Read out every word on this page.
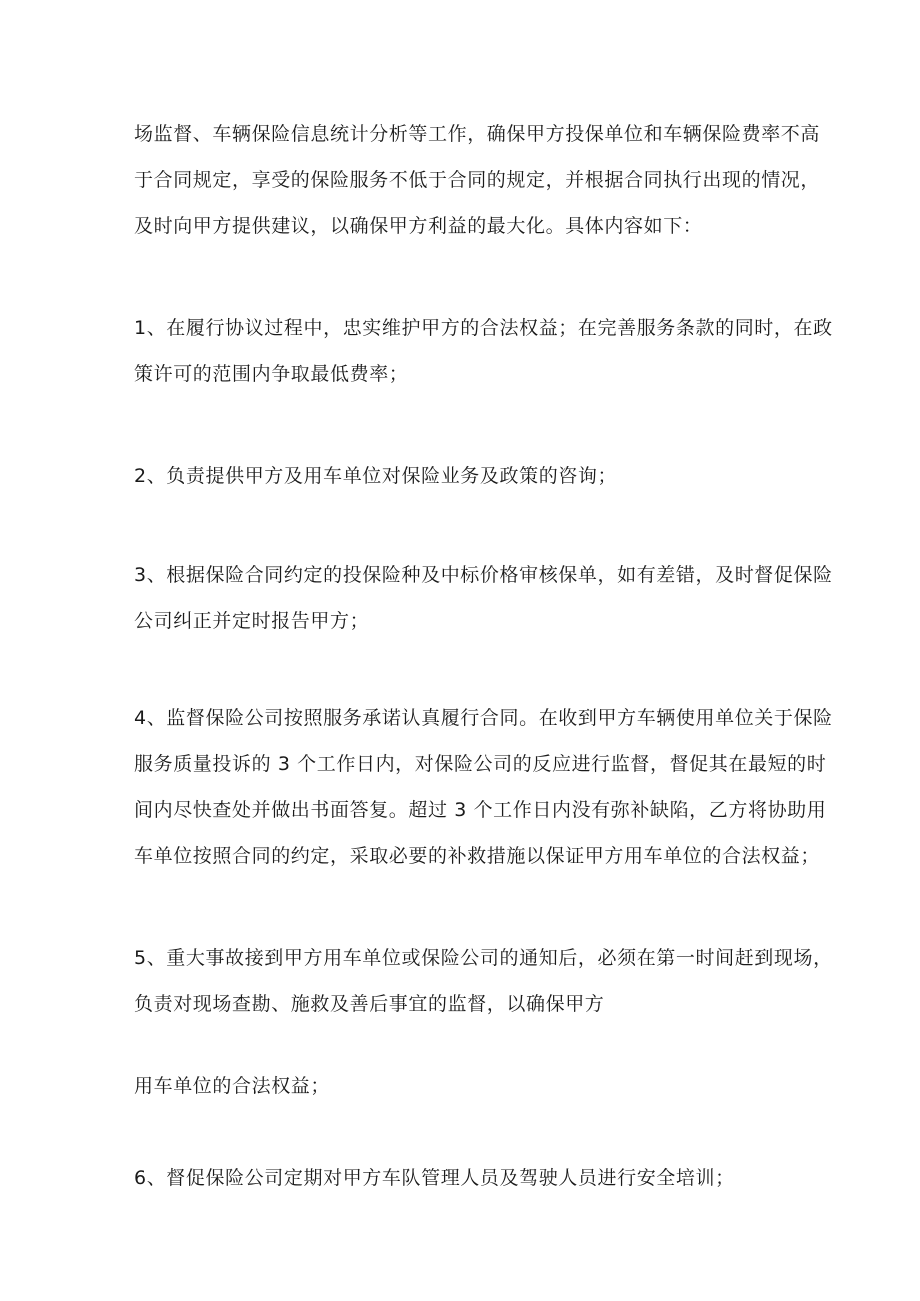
场监督、车辆保险信息统计分析等工作，确保甲方投保单位和车辆保险费率不高
于合同规定，享受的保险服务不低于合同的规定，并根据合同执行出现的情况，
及时向甲方提供建议，以确保甲方利益的最大化。具体内容如下：
1、在履行协议过程中，忠实维护甲方的合法权益；在完善服务条款的同时，在政
策许可的范围内争取最低费率；
2、负责提供甲方及用车单位对保险业务及政策的咨询；
3、根据保险合同约定的投保险种及中标价格审核保单，如有差错，及时督促保险
公司纠正并定时报告甲方；
4、监督保险公司按照服务承诺认真履行合同。在收到甲方车辆使用单位关于保险
服务质量投诉的 3 个工作日内，对保险公司的反应进行监督，督促其在最短的时
间内尽快查处并做出书面答复。超过 3 个工作日内没有弥补缺陷，乙方将协助用
车单位按照合同的约定，采取必要的补救措施以保证甲方用车单位的合法权益；
5、重大事故接到甲方用车单位或保险公司的通知后，必须在第一时间赶到现场，
负责对现场查勘、施救及善后事宜的监督，以确保甲方
用车单位的合法权益；
6、督促保险公司定期对甲方车队管理人员及驾驶人员进行安全培训；
